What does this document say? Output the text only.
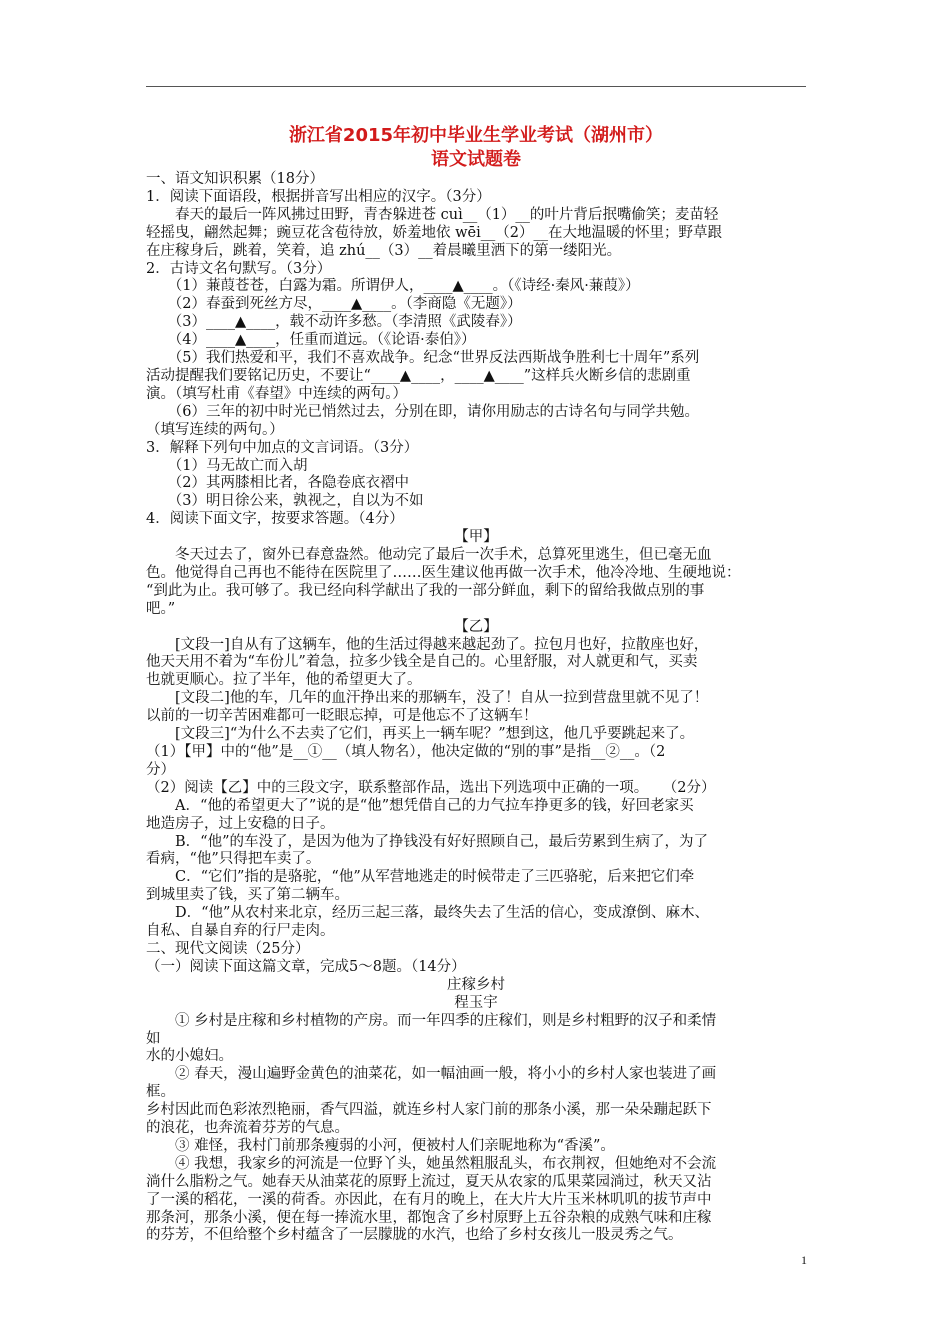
浙江省2015年初中毕业生学业考试（湖州市）
语文试题卷

一、语文知识积累（18分）

1．阅读下面语段，根据拼音写出相应的汉字。（3分）

春天的最后一阵风拂过田野，青杏躲进苍 cuì__（1）__的叶片背后抿嘴偷笑；麦苗轻

轻摇曳，翩然起舞；豌豆花含苞待放，娇羞地依 wēi__（2）__在大地温暖的怀里；野草跟

在庄稼身后，跳着，笑着，追 zhú__（3）__着晨曦里洒下的第一缕阳光。

2．古诗文名句默写。（3分）

（1）蒹葭苍苍，白露为霜。所谓伊人，____▲____。（《诗经·秦风·蒹葭》）

（2）春蚕到死丝方尽，____▲____。（李商隐《无题》）

（3）____▲____，载不动许多愁。（李清照《武陵春》）

（4）____▲____，任重而道远。（《论语·泰伯》）

（5）我们热爱和平，我们不喜欢战争。纪念“世界反法西斯战争胜利七十周年”系列

活动提醒我们要铭记历史，不要让“____▲____，____▲____”这样兵火断乡信的悲剧重

演。（填写杜甫《春望》中连续的两句。）

（6）三年的初中时光已悄然过去，分别在即，请你用励志的古诗名句与同学共勉。

（填写连续的两句。）

3．解释下列句中加点的文言词语。（3分）

（1）马无故亡而入胡

（2）其两膝相比者，各隐卷底衣褶中

（3）明日徐公来，孰视之，自以为不如

4．阅读下面文字，按要求答题。（4分）

【甲】

冬天过去了，窗外已春意盎然。他动完了最后一次手术，总算死里逃生，但已毫无血

色。他觉得自己再也不能待在医院里了……医生建议他再做一次手术，他冷冷地、生硬地说：

“到此为止。我可够了。我已经向科学献出了我的一部分鲜血，剩下的留给我做点别的事

吧。”

【乙】

[文段一]自从有了这辆车，他的生活过得越来越起劲了。拉包月也好，拉散座也好，

他天天用不着为“车份儿”着急，拉多少钱全是自己的。心里舒服，对人就更和气，买卖

也就更顺心。拉了半年，他的希望更大了。

[文段二]他的车，几年的血汗挣出来的那辆车，没了！自从一拉到营盘里就不见了！

以前的一切辛苦困难都可一眨眼忘掉，可是他忘不了这辆车！

[文段三]“为什么不去卖了它们，再买上一辆车呢？”想到这，他几乎要跳起来了。

（1）【甲】中的“他”是__①__（填人物名），他决定做的“别的事”是指__②__。（2

分）

（2）阅读【乙】中的三段文字，联系整部作品，选出下列选项中正确的一项。　　（2分）

A．“他的希望更大了”说的是“他”想凭借自己的力气拉车挣更多的钱，好回老家买

地造房子，过上安稳的日子。

B．“他”的车没了，是因为他为了挣钱没有好好照顾自己，最后劳累到生病了，为了

看病，“他”只得把车卖了。

C．“它们”指的是骆驼，“他”从军营地逃走的时候带走了三匹骆驼，后来把它们牵

到城里卖了钱，买了第二辆车。

D．“他”从农村来北京，经历三起三落，最终失去了生活的信心，变成潦倒、麻木、

自私、自暴自弃的行尸走肉。

二、现代文阅读（25分）

（一）阅读下面这篇文章，完成5～8题。（14分）

庄稼乡村

程玉宇

① 乡村是庄稼和乡村植物的产房。而一年四季的庄稼们，则是乡村粗野的汉子和柔情

如

水的小媳妇。

② 春天，漫山遍野金黄色的油菜花，如一幅油画一般，将小小的乡村人家也装进了画

框。

乡村因此而色彩浓烈艳丽，香气四溢，就连乡村人家门前的那条小溪，那一朵朵蹦起跃下

的浪花，也奔流着芬芳的气息。

③ 难怪，我村门前那条瘦弱的小河，便被村人们亲昵地称为“香溪”。

④ 我想，我家乡的河流是一位野丫头，她虽然粗服乱头，布衣荆衩，但她绝对不会流

淌什么脂粉之气。她春天从油菜花的原野上流过，夏天从农家的瓜果菜园淌过，秋天又沾

了一溪的稻花，一溪的荷香。亦因此，在有月的晚上，在大片大片玉米林叽叽的拔节声中

那条河，那条小溪，便在每一捧流水里，都饱含了乡村原野上五谷杂粮的成熟气味和庄稼

的芬芳，不但给整个乡村蕴含了一层朦胧的水汽，也给了乡村女孩儿一股灵秀之气。

1
